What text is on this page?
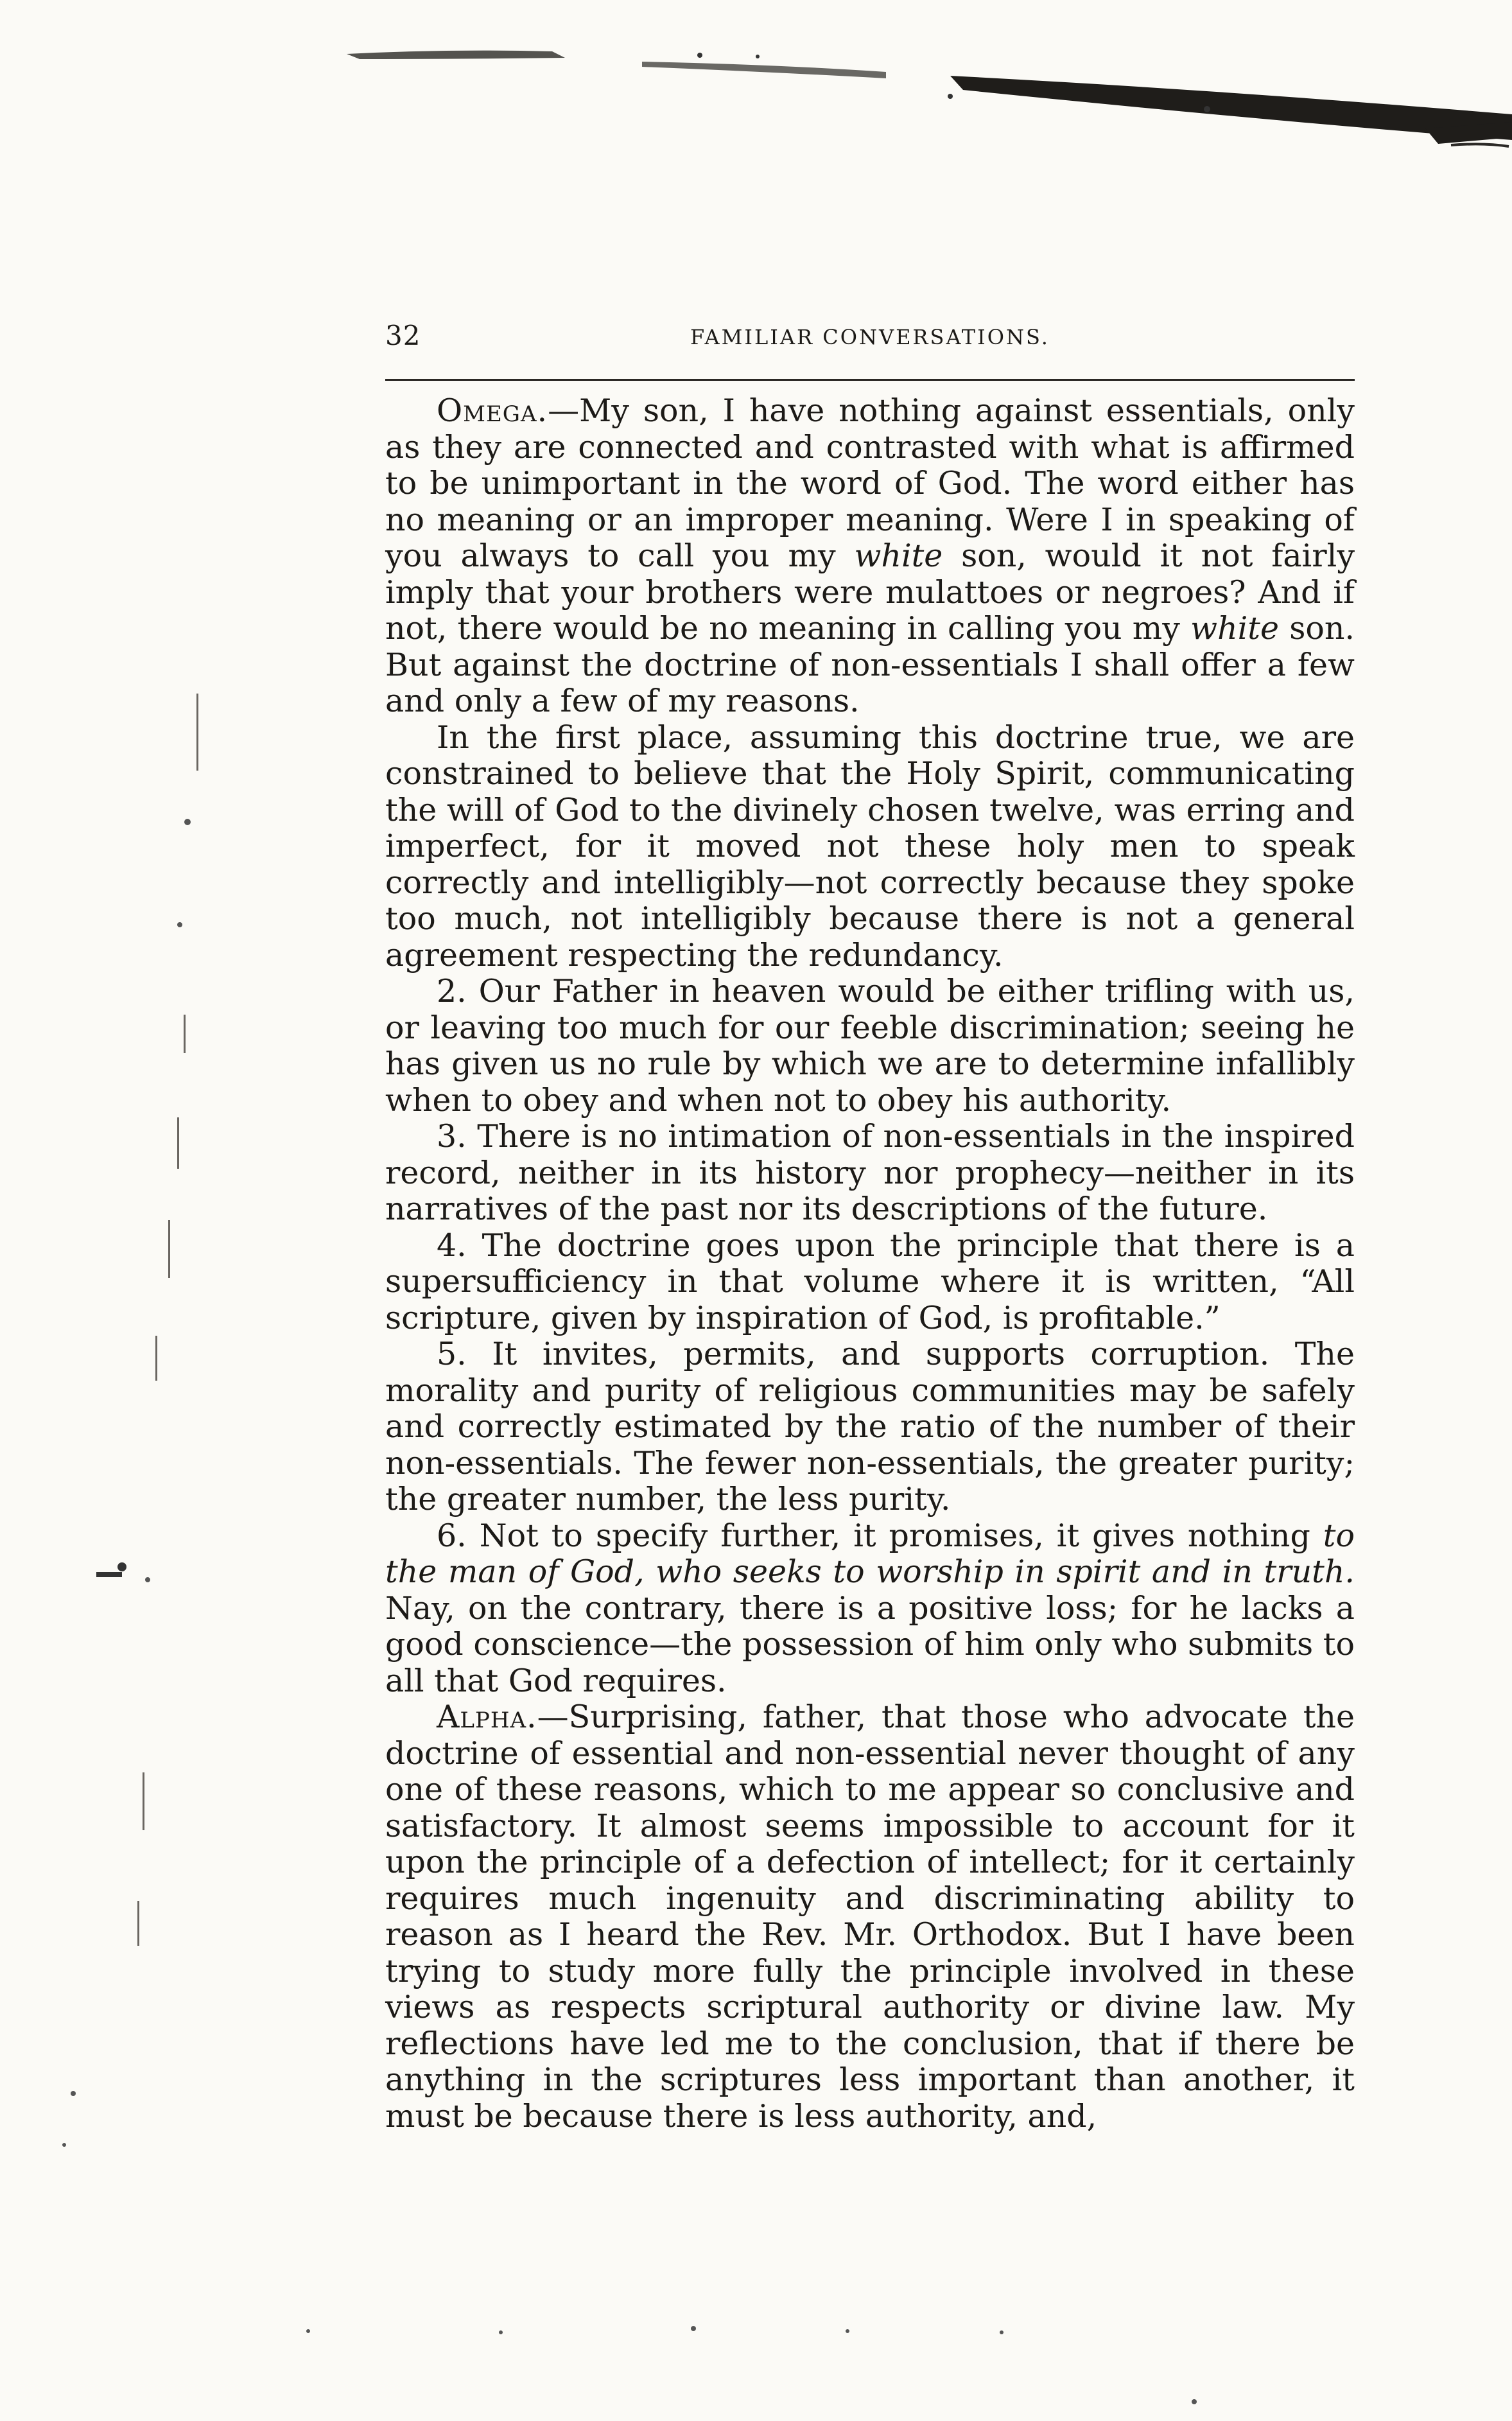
32	FAMILIAR CONVERSATIONS.

Omega.—My son, I have nothing against essentials, only as they are connected and contrasted with what is affirmed to be unimportant in the word of God. The word either has no meaning or an improper meaning. Were I in speaking of you always to call you my white son, would it not fairly imply that your brothers were mulattoes or negroes? And if not, there would be no meaning in calling you my white son. But against the doctrine of non-essentials I shall offer a few and only a few of my reasons.

In the first place, assuming this doctrine true, we are constrained to believe that the Holy Spirit, communicating the will of God to the divinely chosen twelve, was erring and imperfect, for it moved not these holy men to speak correctly and intelligibly—not correctly because they spoke too much, not intelligibly because there is not a general agreement respecting the redundancy.

2. Our Father in heaven would be either trifling with us, or leaving too much for our feeble discrimination; seeing he has given us no rule by which we are to determine infallibly when to obey and when not to obey his authority.

3. There is no intimation of non-essentials in the inspired record, neither in its history nor prophecy—neither in its narratives of the past nor its descriptions of the future.

4. The doctrine goes upon the principle that there is a supersufficiency in that volume where it is written, “All scripture, given by inspiration of God, is profitable.”

5. It invites, permits, and supports corruption. The morality and purity of religious communities may be safely and correctly estimated by the ratio of the number of their non-essentials. The fewer non-essentials, the greater purity; the greater number, the less purity.

6. Not to specify further, it promises, it gives nothing to the man of God, who seeks to worship in spirit and in truth. Nay, on the contrary, there is a positive loss; for he lacks a good conscience—the possession of him only who submits to all that God requires.

Alpha.—Surprising, father, that those who advocate the doctrine of essential and non-essential never thought of any one of these reasons, which to me appear so conclusive and satisfactory. It almost seems impossible to account for it upon the principle of a defection of intellect; for it certainly requires much ingenuity and discriminating ability to reason as I heard the Rev. Mr. Orthodox. But I have been trying to study more fully the principle involved in these views as respects scriptural authority or divine law. My reflections have led me to the conclusion, that if there be anything in the scriptures less important than another, it must be because there is less authority, and,
